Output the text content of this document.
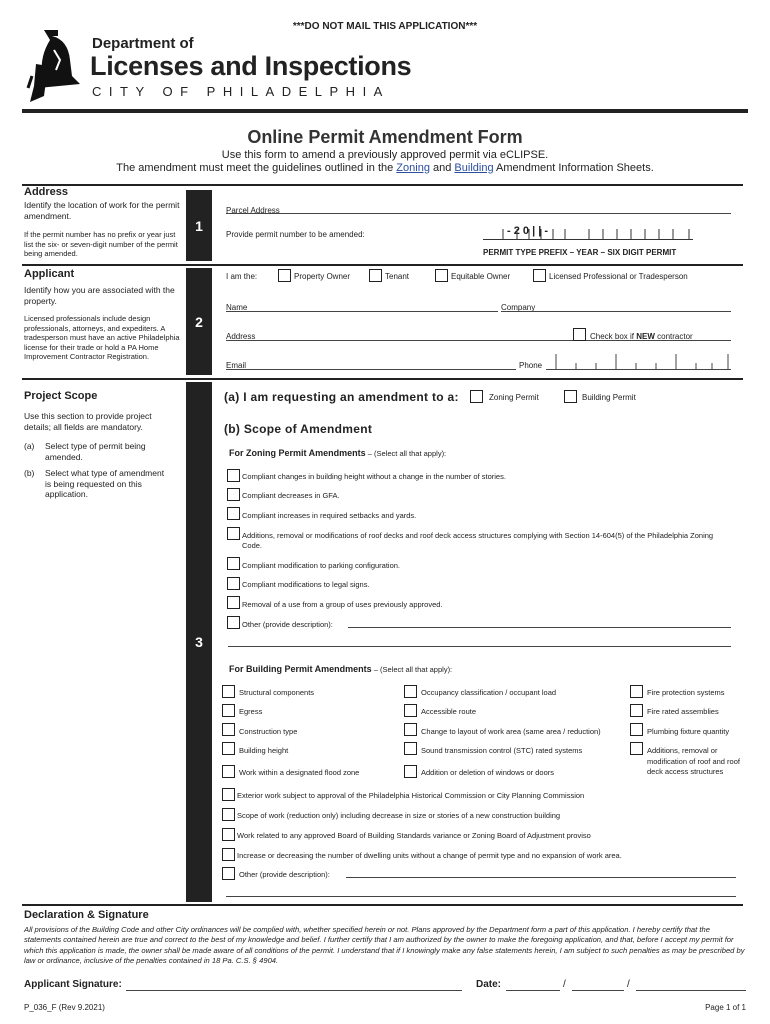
***DO NOT MAIL THIS APPLICATION***
Department of
Licenses and Inspections
CITY OF PHILADELPHIA
Online Permit Amendment Form
Use this form to amend a previously approved permit via eCLIPSE.
The amendment must meet the guidelines outlined in the Zoning and Building Amendment Information Sheets.
Address
Identify the location of work for the permit amendment.
If the permit number has no prefix or year just list the six- or seven-digit number of the permit being amended.
1
Parcel Address
Provide permit number to be amended:	- 2 0 | | -
PERMIT TYPE PREFIX – YEAR – SIX DIGIT PERMIT
Applicant
Identify how you are associated with the property.
Licensed professionals include design professionals, attorneys, and expediters. A tradesperson must have an active Philadelphia license for their trade or hold a PA Home Improvement Contractor Registration.
2
I am the:	Property Owner	Tenant	Equitable Owner	Licensed Professional or Tradesperson
Name	Company
Address	Check box if NEW contractor
Email	Phone
Project Scope
Use this section to provide project details; all fields are mandatory.
(a) Select type of permit being amended.
(b) Select what type of amendment is being requested on this application.
3
(a) I am requesting an amendment to a:	Zoning Permit	Building Permit
(b) Scope of Amendment
For Zoning Permit Amendments – (Select all that apply):
Compliant changes in building height without a change in the number of stories.
Compliant decreases in GFA.
Compliant increases in required setbacks and yards.
Additions, removal or modifications of roof decks and roof deck access structures complying with Section 14-604(5) of the Philadelphia Zoning Code.
Compliant modification to parking configuration.
Compliant modifications to legal signs.
Removal of a use from a group of uses previously approved.
Other (provide description):
For Building Permit Amendments – (Select all that apply):
Structural components	Occupancy classification / occupant load	Fire protection systems
Egress	Accessible route	Fire rated assemblies
Construction type	Change to layout of work area (same area / reduction)	Plumbing fixture quantity
Building height	Sound transmission control (STC) rated systems	Additions, removal or modification of roof and roof deck access structures
Work within a designated flood zone	Addition or deletion of windows or doors
Exterior work subject to approval of the Philadelphia Historical Commission or City Planning Commission
Scope of work (reduction only) including decrease in size or stories of a new construction building
Work related to any approved Board of Building Standards variance or Zoning Board of Adjustment proviso
Increase or decreasing the number of dwelling units without a change of permit type and no expansion of work area.
Other (provide description):
Declaration & Signature
All provisions of the Building Code and other City ordinances will be complied with, whether specified herein or not. Plans approved by the Department form a part of this application. I hereby certify that the statements contained herein are true and correct to the best of my knowledge and belief. I further certify that I am authorized by the owner to make the foregoing application, and that, before I accept my permit for which this application is made, the owner shall be made aware of all conditions of the permit. I understand that if I knowingly make any false statements herein, I am subject to such penalties as may be prescribed by law or ordinance, inclusive of the penalties contained in 18 Pa. C.S. § 4904.
Applicant Signature:	Date:	/	/
P_036_F (Rev 9.2021)	Page 1 of 1
